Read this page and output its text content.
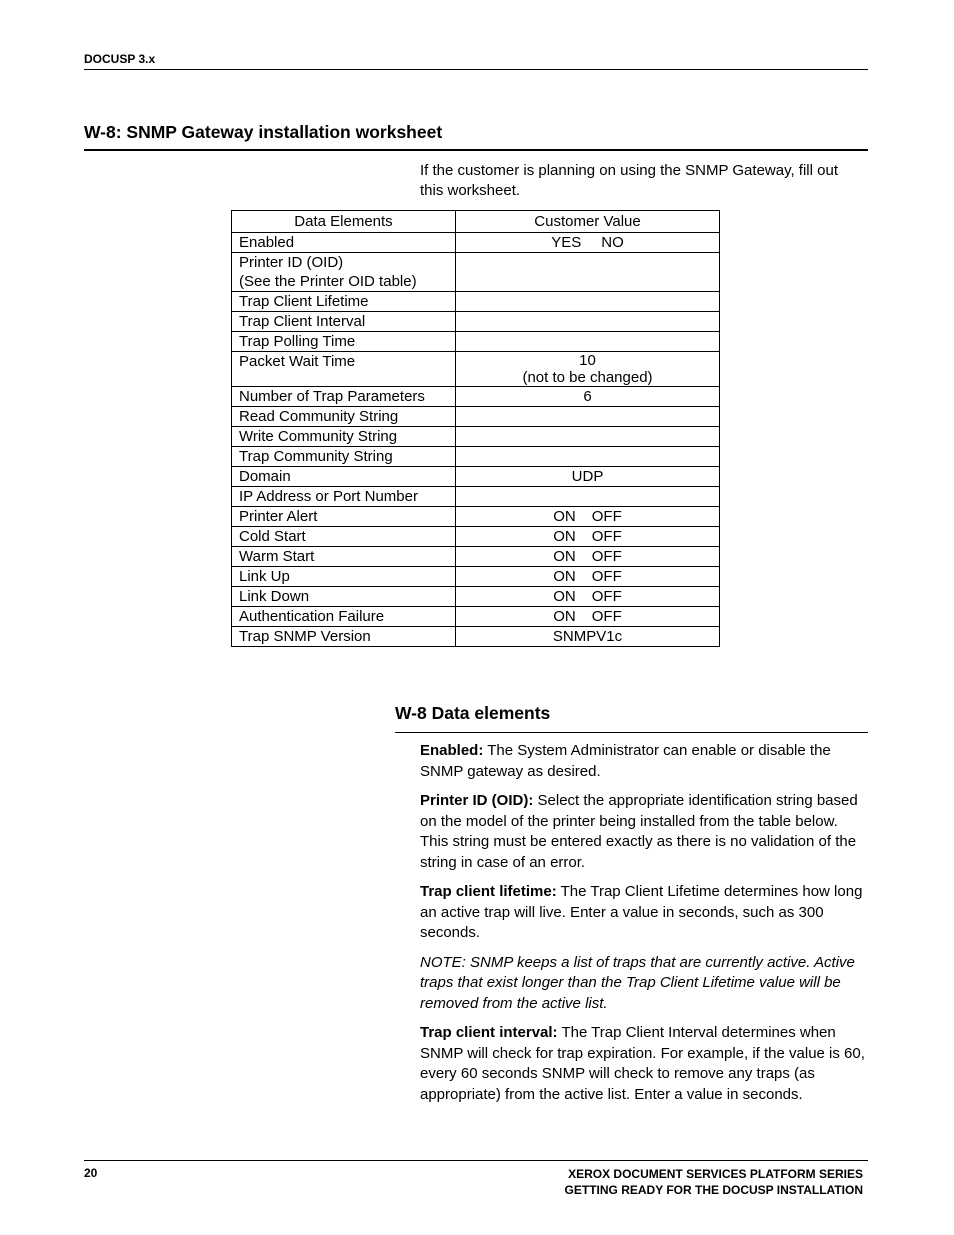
DOCUSP 3.x
W-8: SNMP Gateway installation worksheet
If the customer is planning on using the SNMP Gateway, fill out this worksheet.
Data Elements	Customer Value
Enabled	YES NO
Printer ID (OID)
(See the Printer OID table)	
Trap Client Lifetime	
Trap Client Interval	
Trap Polling Time	
Packet Wait Time	10
(not to be changed)

Number of Trap Parameters	6
Read Community String	
Write Community String	
Trap Community String	
Domain	UDP
IP Address or Port Number	
Printer Alert	ON OFF
Cold Start	ON OFF
Warm Start	ON OFF
Link Up	ON OFF
Link Down	ON OFF
Authentication Failure	ON OFF
Trap SNMP Version	SNMPV1c
W-8 Data elements

Enabled: The System Administrator can enable or disable the SNMP gateway as desired.

Printer ID (OID): Select the appropriate identification string based on the model of the printer being installed from the table below. This string must be entered exactly as there is no validation of the string in case of an error.

Trap client lifetime: The Trap Client Lifetime determines how long an active trap will live. Enter a value in seconds, such as 300 seconds.

NOTE: SNMP keeps a list of traps that are currently active. Active traps that exist longer than the Trap Client Lifetime value will be removed from the active list.

Trap client interval: The Trap Client Interval determines when SNMP will check for trap expiration. For example, if the value is 60, every 60 seconds SNMP will check to remove any traps (as appropriate) from the active list. Enter a value in seconds.

20	XEROX DOCUMENT SERVICES PLATFORM SERIES
GETTING READY FOR THE DOCUSP INSTALLATION
